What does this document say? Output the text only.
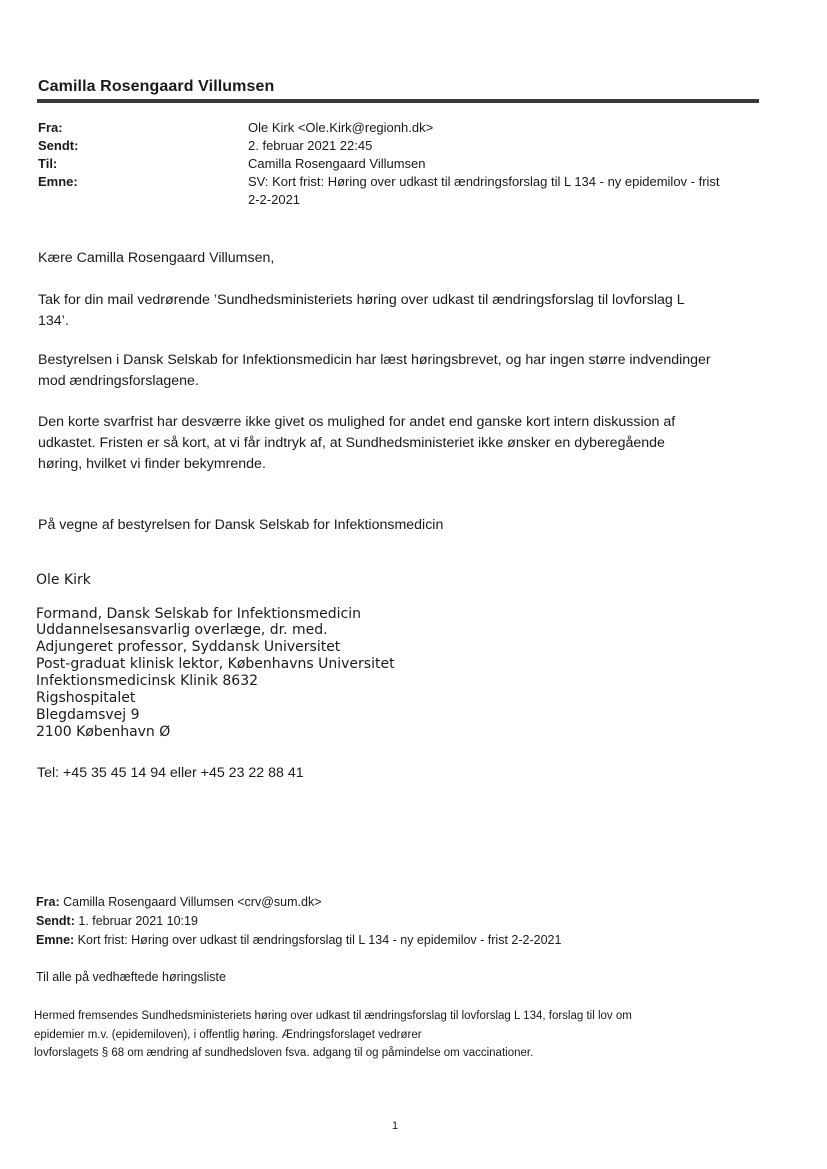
Camilla Rosengaard Villumsen
Fra:	Ole Kirk <Ole.Kirk@regionh.dk>
Sendt:	2. februar 2021 22:45
Til:	Camilla Rosengaard Villumsen
Emne:	SV: Kort frist: Høring over udkast til ændringsforslag til L 134 - ny epidemilov - frist
2-2-2021
Kære Camilla Rosengaard Villumsen,
Tak for din mail vedrørende ’Sundhedsministeriets høring over udkast til ændringsforslag til lovforslag L
134’.
Bestyrelsen i Dansk Selskab for Infektionsmedicin har læst høringsbrevet, og har ingen større indvendinger
mod ændringsforslagene.
Den korte svarfrist har desværre ikke givet os mulighed for andet end ganske kort intern diskussion af
udkastet. Fristen er så kort, at vi får indtryk af, at Sundhedsministeriet ikke ønsker en dyberegående
høring, hvilket vi finder bekymrende.
På vegne af bestyrelsen for Dansk Selskab for Infektionsmedicin
Ole Kirk
Formand, Dansk Selskab for Infektionsmedicin
Uddannelsesansvarlig overlæge, dr. med.
Adjungeret professor, Syddansk Universitet
Post-graduat klinisk lektor, Københavns Universitet
Infektionsmedicinsk Klinik 8632
Rigshospitalet
Blegdamsvej 9
2100 København Ø
Tel: +45 35 45 14 94 eller +45 23 22 88 41
Fra: Camilla Rosengaard Villumsen <crv@sum.dk>
Sendt: 1. februar 2021 10:19
Emne: Kort frist: Høring over udkast til ændringsforslag til L 134 - ny epidemilov - frist 2-2-2021
Til alle på vedhæftede høringsliste
Hermed fremsendes Sundhedsministeriets høring over udkast til ændringsforslag til lovforslag L 134, forslag til lov om
epidemier m.v. (epidemiloven), i offentlig høring. Ændringsforslaget vedrører
lovforslagets § 68 om ændring af sundhedsloven fsva. adgang til og påmindelse om vaccinationer.
1
